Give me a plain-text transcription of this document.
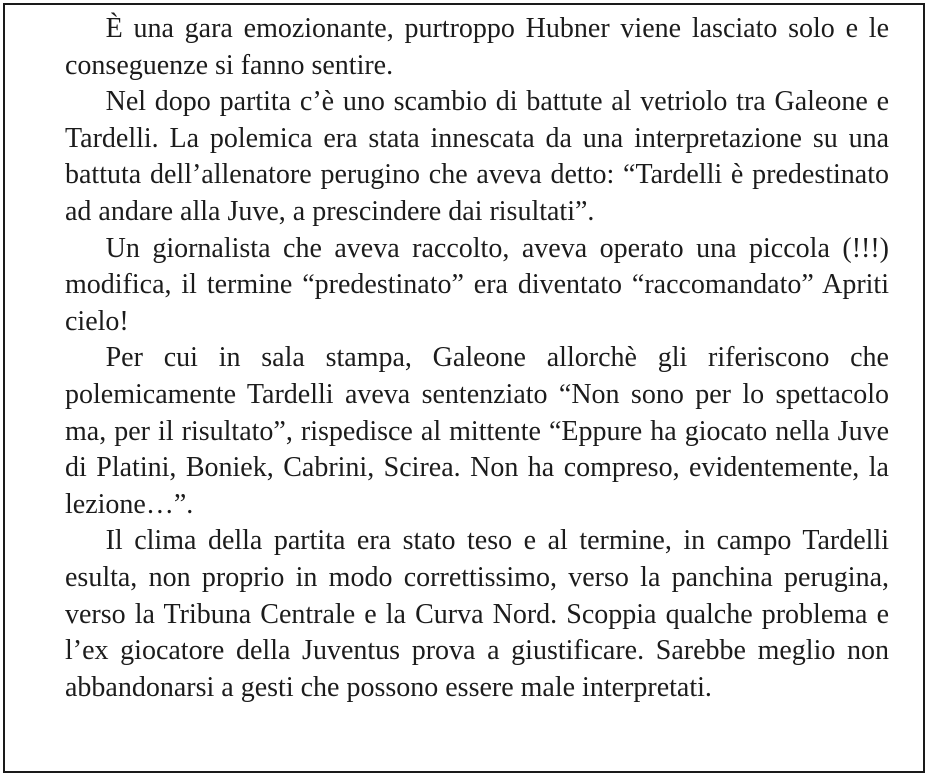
È una gara emozionante, purtroppo Hubner viene lasciato solo e le conseguenze si fanno sentire.

Nel dopo partita c’è uno scambio di battute al vetriolo tra Galeone e Tardelli. La polemica era stata innescata da una interpretazione su una battuta dell’allenatore perugino che aveva detto: “Tardelli è predestinato ad andare alla Juve, a prescindere dai risultati”.

Un giornalista che aveva raccolto, aveva operato una piccola (!!!) modifica, il termine “predestinato” era diventato “raccomandato” Apriti cielo!

Per cui in sala stampa, Galeone allorchè gli riferiscono che polemicamente Tardelli aveva sentenziato “Non sono per lo spettacolo ma, per il risultato”, rispedisce al mittente “Eppure ha giocato nella Juve di Platini, Boniek, Cabrini, Scirea. Non ha compreso, evidentemente, la lezione…”.

Il clima della partita era stato teso e al termine, in campo Tardelli esulta, non proprio in modo correttissimo, verso la panchina perugina, verso la Tribuna Centrale e la Curva Nord. Scoppia qualche problema e l’ex giocatore della Juventus prova a giustificare. Sarebbe meglio non abbandonarsi a gesti che possono essere male interpretati.
